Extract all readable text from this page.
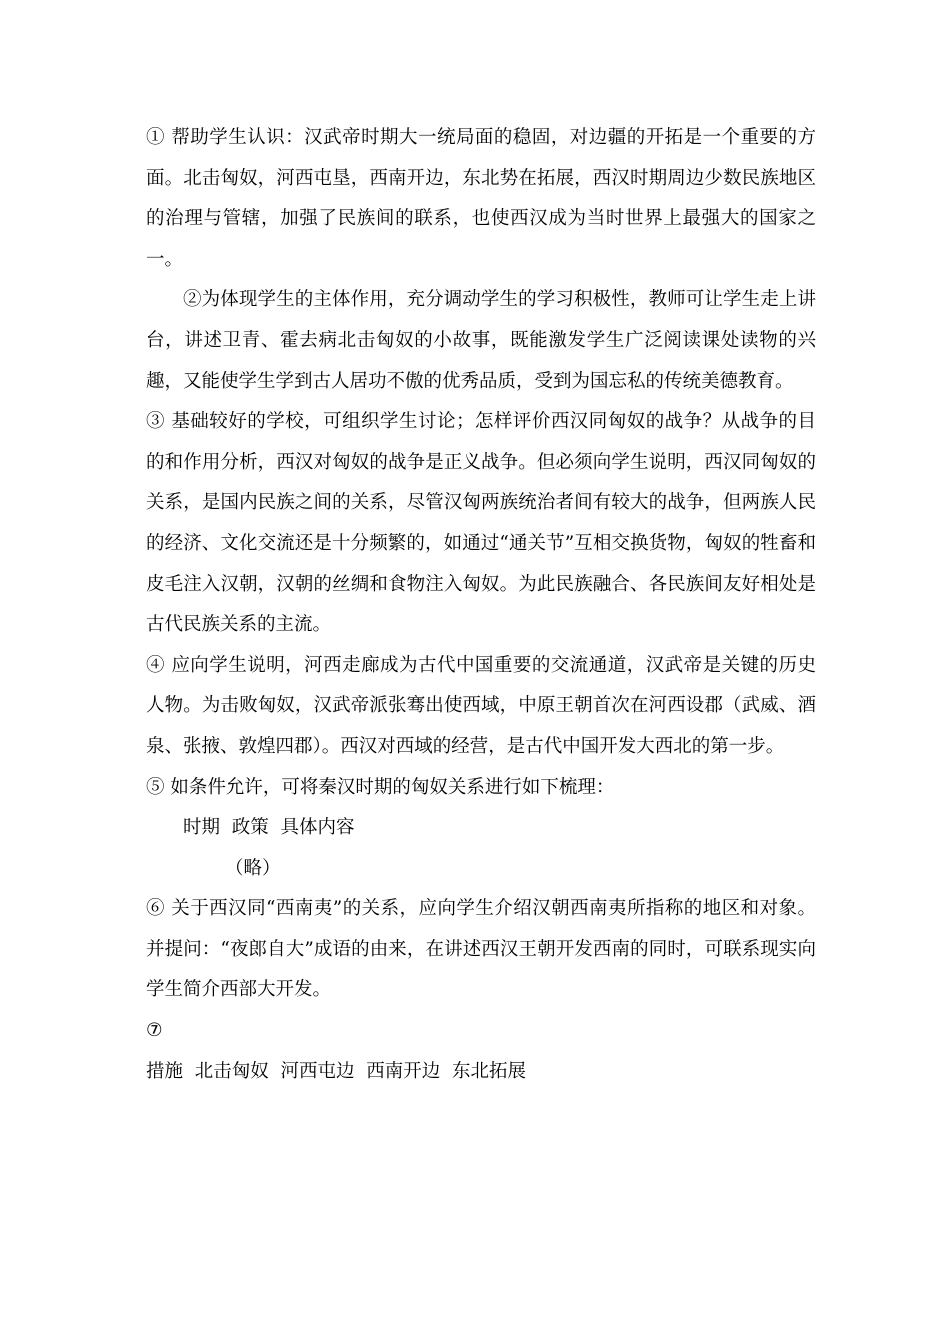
① 帮助学生认识：汉武帝时期大一统局面的稳固，对边疆的开拓是一个重要的方面。北击匈奴，河西屯垦，西南开边，东北势在拓展，西汉时期周边少数民族地区的治理与管辖，加强了民族间的联系，也使西汉成为当时世界上最强大的国家之一。

②为体现学生的主体作用，充分调动学生的学习积极性，教师可让学生走上讲台，讲述卫青、霍去病北击匈奴的小故事，既能激发学生广泛阅读课处读物的兴趣，又能使学生学到古人居功不傲的优秀品质，受到为国忘私的传统美德教育。

③ 基础较好的学校，可组织学生讨论；怎样评价西汉同匈奴的战争？从战争的目的和作用分析，西汉对匈奴的战争是正义战争。但必须向学生说明，西汉同匈奴的关系，是国内民族之间的关系，尽管汉匈两族统治者间有较大的战争，但两族人民的经济、文化交流还是十分频繁的，如通过“通关节”互相交换货物，匈奴的牲畜和皮毛注入汉朝，汉朝的丝绸和食物注入匈奴。为此民族融合、各民族间友好相处是古代民族关系的主流。

④ 应向学生说明，河西走廊成为古代中国重要的交流通道，汉武帝是关键的历史人物。为击败匈奴，汉武帝派张骞出使西域，中原王朝首次在河西设郡（武威、酒泉、张掖、敦煌四郡）。西汉对西域的经营，是古代中国开发大西北的第一步。

⑤ 如条件允许，可将秦汉时期的匈奴关系进行如下梳理：

时期  政策  具体内容

（略）

⑥ 关于西汉同“西南夷”的关系，应向学生介绍汉朝西南夷所指称的地区和对象。并提问：“夜郎自大”成语的由来，在讲述西汉王朝开发西南的同时，可联系现实向学生简介西部大开发。

⑦

措施  北击匈奴  河西屯边  西南开边  东北拓展
